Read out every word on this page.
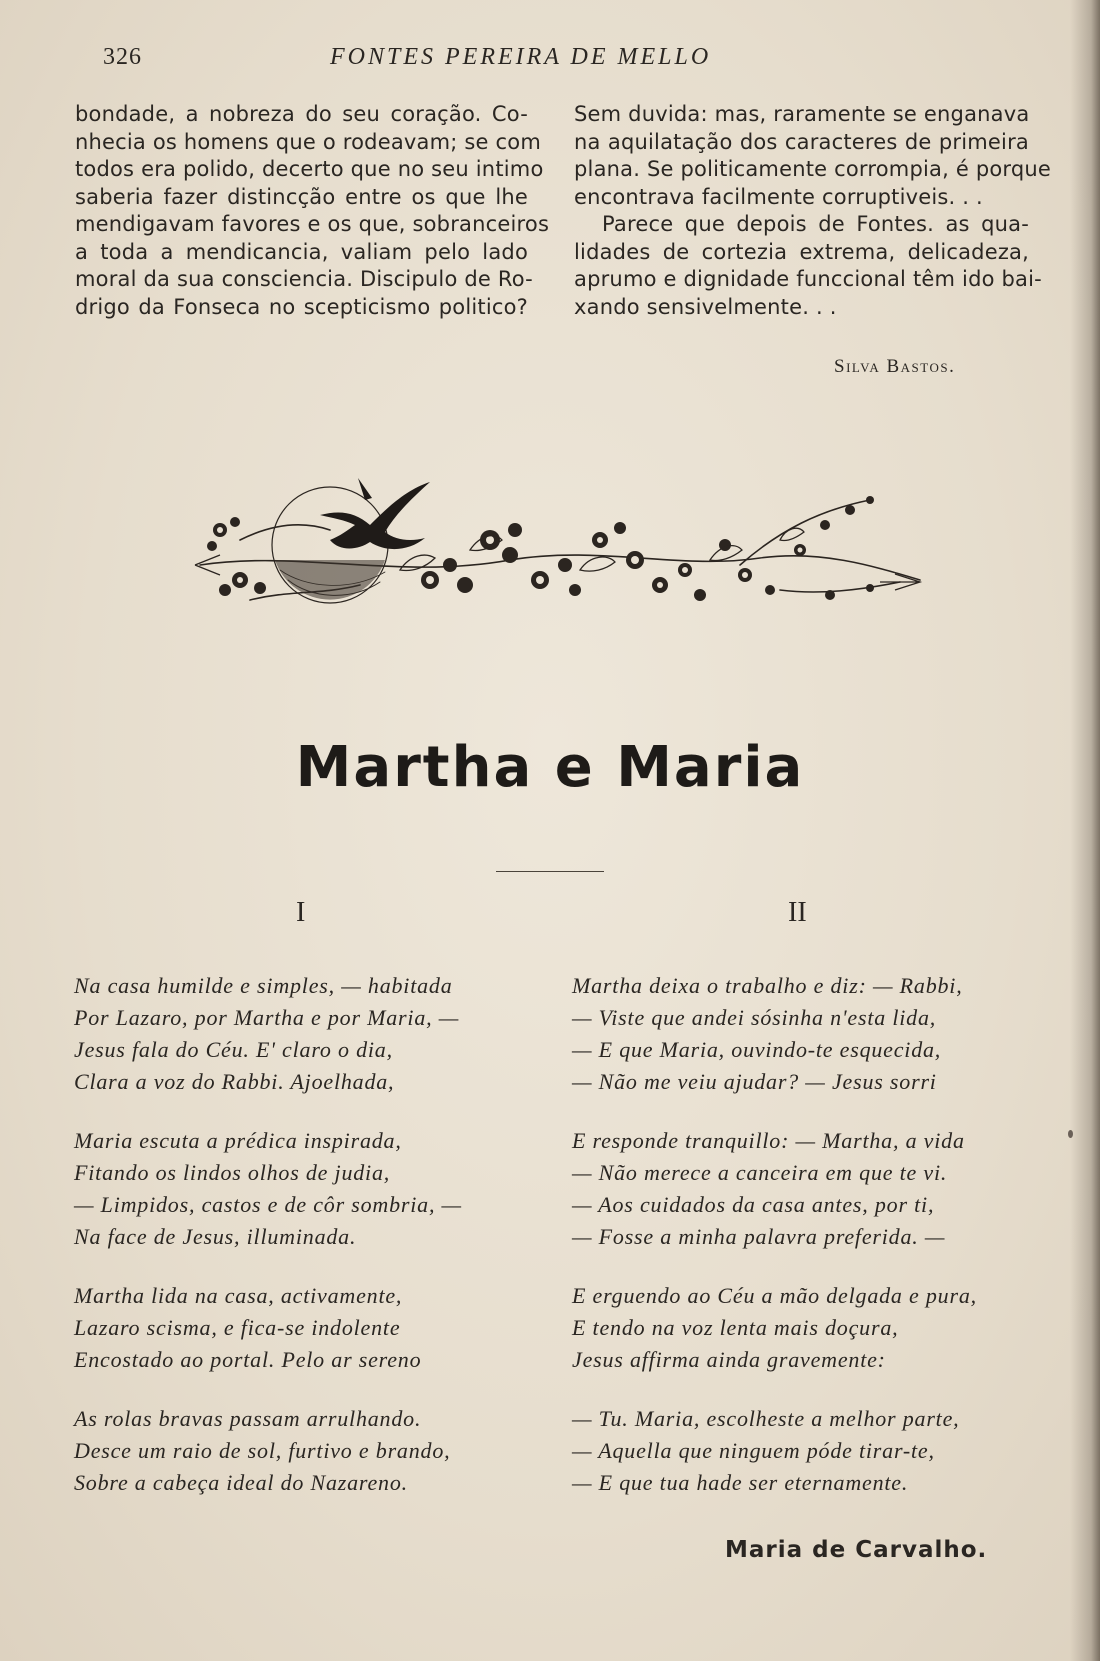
326	FONTES PEREIRA DE MELLO
bondade, a nobreza do seu coração. Co-
nhecia os homens que o rodeavam; se com
todos era polido, decerto que no seu intimo
saberia fazer distincção entre os que lhe
mendigavam favores e os que, sobranceiros
a toda a mendicancia, valiam pelo lado
moral da sua consciencia. Discipulo de Ro-
drigo da Fonseca no scepticismo politico?
Sem duvida: mas, raramente se enganava
na aquilatação dos caracteres de primeira
plana. Se politicamente corrompia, é porque
encontrava facilmente corruptiveis. . .
Parece que depois de Fontes. as qua-
lidades de cortezia extrema, delicadeza,
aprumo e dignidade funccional têm ido bai-
xando sensivelmente. . .
Silva Bastos.
Martha e Maria
I	II
Na casa humilde e simples, — habitada
Por Lazaro, por Martha e por Maria, —
Jesus fala do Céu. E' claro o dia,
Clara a voz do Rabbi. Ajoelhada,
Maria escuta a prédica inspirada,
Fitando os lindos olhos de judia,
— Limpidos, castos e de côr sombria, —
Na face de Jesus, illuminada.
Martha lida na casa, activamente,
Lazaro scisma, e fica-se indolente
Encostado ao portal. Pelo ar sereno
As rolas bravas passam arrulhando.
Desce um raio de sol, furtivo e brando,
Sobre a cabeça ideal do Nazareno.
Martha deixa o trabalho e diz: — Rabbi,
— Viste que andei sósinha n'esta lida,
— E que Maria, ouvindo-te esquecida,
— Não me veiu ajudar? — Jesus sorri
E responde tranquillo: — Martha, a vida
— Não merece a canceira em que te vi.
— Aos cuidados da casa antes, por ti,
— Fosse a minha palavra preferida. —
E erguendo ao Céu a mão delgada e pura,
E tendo na voz lenta mais doçura,
Jesus affirma ainda gravemente:
— Tu. Maria, escolheste a melhor parte,
— Aquella que ninguem póde tirar-te,
— E que tua hade ser eternamente.
Maria de Carvalho.
